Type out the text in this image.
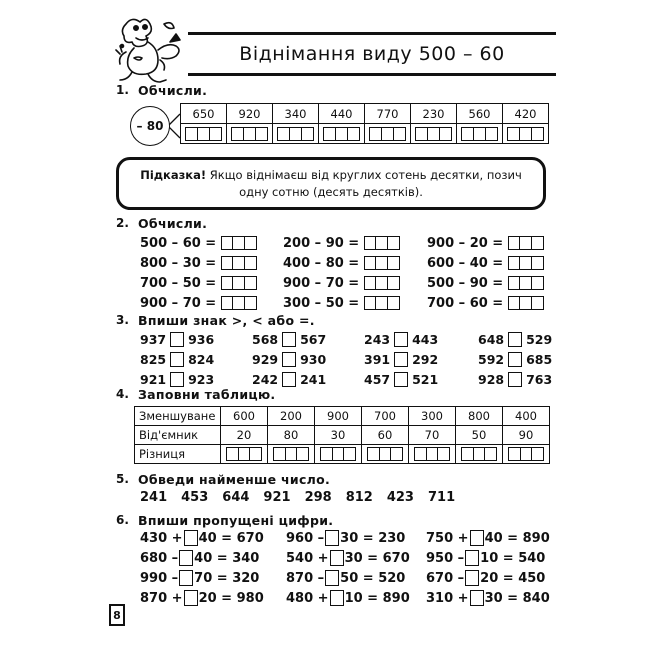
Віднімання виду 500 – 60
1. Обчисли.
– 80
650	920	340	440	770	230	560	420

Підказка! Якщо віднімаєш від круглих сотень десятки, позич одну сотню (десять десятків).
2. Обчисли.
500 – 60 =

800 – 30 =

700 – 50 =

900 – 70 =

200 – 90 =

400 – 80 =

900 – 70 =

300 – 50 =

900 – 20 =

600 – 40 =

500 – 90 =

700 – 60 =

3. Впиши знак >, < або =.
937 936
825 824
921 923
568 567
929 930
242 241
243 443
391 292
457 521
648 529
592 685
928 763
4. Заповни таблицю.
Зменшуване	600	200	900	700	300	800	400
Від'ємник	20	80	30	60	70	50	90
Різниця	

5. Обведи найменше число.
241 453 644 921 298 812 423 711
6. Впиши пропущені цифри.
430 + 40 = 670
680 – 40 = 340
990 – 70 = 320
870 + 20 = 980
960 – 30 = 230
540 + 30 = 670
870 – 50 = 520
480 + 10 = 890
750 + 40 = 890
950 – 10 = 540
670 – 20 = 450
310 + 30 = 840
8
